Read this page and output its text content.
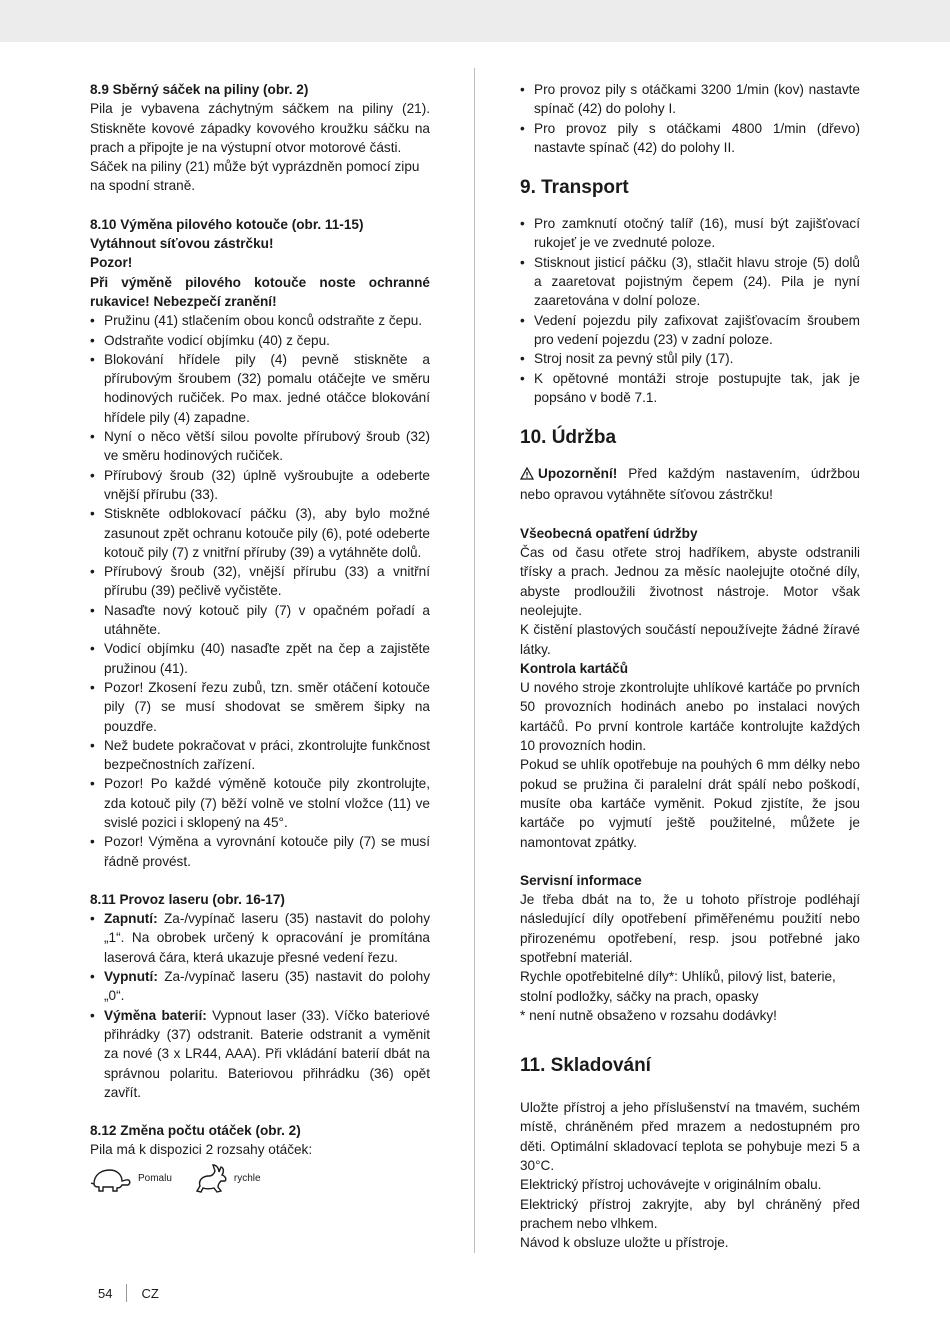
8.9 Sběrný sáček na piliny (obr. 2)

Pila je vybavena záchytným sáčkem na piliny (21). Stiskněte kovové západky kovového kroužku sáčku na prach a připojte je na výstupní otvor motorové části.

Sáček na piliny (21) může být vyprázdněn pomocí zipu na spodní straně.

8.10 Výměna pilového kotouče (obr. 11-15)

Vytáhnout síťovou zástrčku!

Pozor!

Při výměně pilového kotouče noste ochranné rukavice! Nebezpečí zranění!

• Pružinu (41) stlačením obou konců odstraňte z čepu.
• Odstraňte vodicí objímku (40) z čepu.
• Blokování hřídele pily (4) pevně stiskněte a přírubovým šroubem (32) pomalu otáčejte ve směru hodinových ručiček. Po max. jedné otáčce blokování hřídele pily (4) zapadne.
• Nyní o něco větší silou povolte přírubový šroub (32) ve směru hodinových ručiček.
• Přírubový šroub (32) úplně vyšroubujte a odeberte vnější přírubu (33).
• Stiskněte odblokovací páčku (3), aby bylo možné zasunout zpět ochranu kotouče pily (6), poté odeberte kotouč pily (7) z vnitřní příruby (39) a vytáhněte dolů.
• Přírubový šroub (32), vnější přírubu (33) a vnitřní přírubu (39) pečlivě vyčistěte.
• Nasaďte nový kotouč pily (7) v opačném pořadí a utáhněte.
• Vodicí objímku (40) nasaďte zpět na čep a zajistěte pružinou (41).
• Pozor! Zkosení řezu zubů, tzn. směr otáčení kotouče pily (7) se musí shodovat se směrem šipky na pouzdře.
• Než budete pokračovat v práci, zkontrolujte funkčnost bezpečnostních zařízení.
• Pozor! Po každé výměně kotouče pily zkontrolujte, zda kotouč pily (7) běží volně ve stolní vložce (11) ve svislé pozici i sklopený na 45°.
• Pozor! Výměna a vyrovnání kotouče pily (7) se musí řádně provést.

8.11 Provoz laseru (obr. 16-17)

• Zapnutí: Za-/vypínač laseru (35) nastavit do polohy „1“. Na obrobek určený k opracování je promítána laserová čára, která ukazuje přesné vedení řezu.
• Vypnutí: Za-/vypínač laseru (35) nastavit do polohy „0“.
• Výměna baterií: Vypnout laser (33). Víčko bateriové přihrádky (37) odstranit. Baterie odstranit a vyměnit za nové (3 x LR44, AAA). Při vkládání baterií dbát na správnou polaritu. Bateriovou přihrádku (36) opět zavřít.

8.12 Změna počtu otáček (obr. 2)

Pila má k dispozici 2 rozsahy otáček:

Pomalu	rychle
• Pro provoz pily s otáčkami 3200 1/min (kov) nastavte spínač (42) do polohy I.
• Pro provoz pily s otáčkami 4800 1/min (dřevo) nastavte spínač (42) do polohy II.
9. Transport
• Pro zamknutí otočný talíř (16), musí být zajišťovací rukojeť je ve zvednuté poloze.
• Stisknout jisticí páčku (3), stlačit hlavu stroje (5) dolů a zaaretovat pojistným čepem (24). Pila je nyní zaaretována v dolní poloze.
• Vedení pojezdu pily zafixovat zajišťovacím šroubem pro vedení pojezdu (23) v zadní poloze.
• Stroj nosit za pevný stůl pily (17).
• K opětovné montáži stroje postupujte tak, jak je popsáno v bodě 7.1.
10. Údržba

Upozornění! Před každým nastavením, údržbou nebo opravou vytáhněte síťovou zástrčku!

Všeobecná opatření údržby

Čas od času otřete stroj hadříkem, abyste odstranili třísky a prach. Jednou za měsíc naolejujte otočné díly, abyste prodloužili životnost nástroje. Motor však neolejujte.

K čistění plastových součástí nepoužívejte žádné žíravé látky.

Kontrola kartáčů

U nového stroje zkontrolujte uhlíkové kartáče po prvních 50 provozních hodinách anebo po instalaci nových kartáčů. Po první kontrole kartáče kontrolujte každých 10 provozních hodin.

Pokud se uhlík opotřebuje na pouhých 6 mm délky nebo pokud se pružina či paralelní drát spálí nebo poškodí, musíte oba kartáče vyměnit. Pokud zjistíte, že jsou kartáče po vyjmutí ještě použitelné, můžete je namontovat zpátky.

Servisní informace

Je třeba dbát na to, že u tohoto přístroje podléhají následující díly opotřebení přiměřenému použití nebo přirozenému opotřebení, resp. jsou potřebné jako spotřební materiál.

Rychle opotřebitelné díly*: Uhlíků, pilový list, baterie, stolní podložky, sáčky na prach, opasky

* není nutně obsaženo v rozsahu dodávky!

11. Skladování

Uložte přístroj a jeho příslušenství na tmavém, suchém místě, chráněném před mrazem a nedostupném pro děti. Optimální skladovací teplota se pohybuje mezi 5 a 30°C.

Elektrický přístroj uchovávejte v originálním obalu.

Elektrický přístroj zakryjte, aby byl chráněný před prachem nebo vlhkem.

Návod k obsluze uložte u přístroje.

54 CZ
